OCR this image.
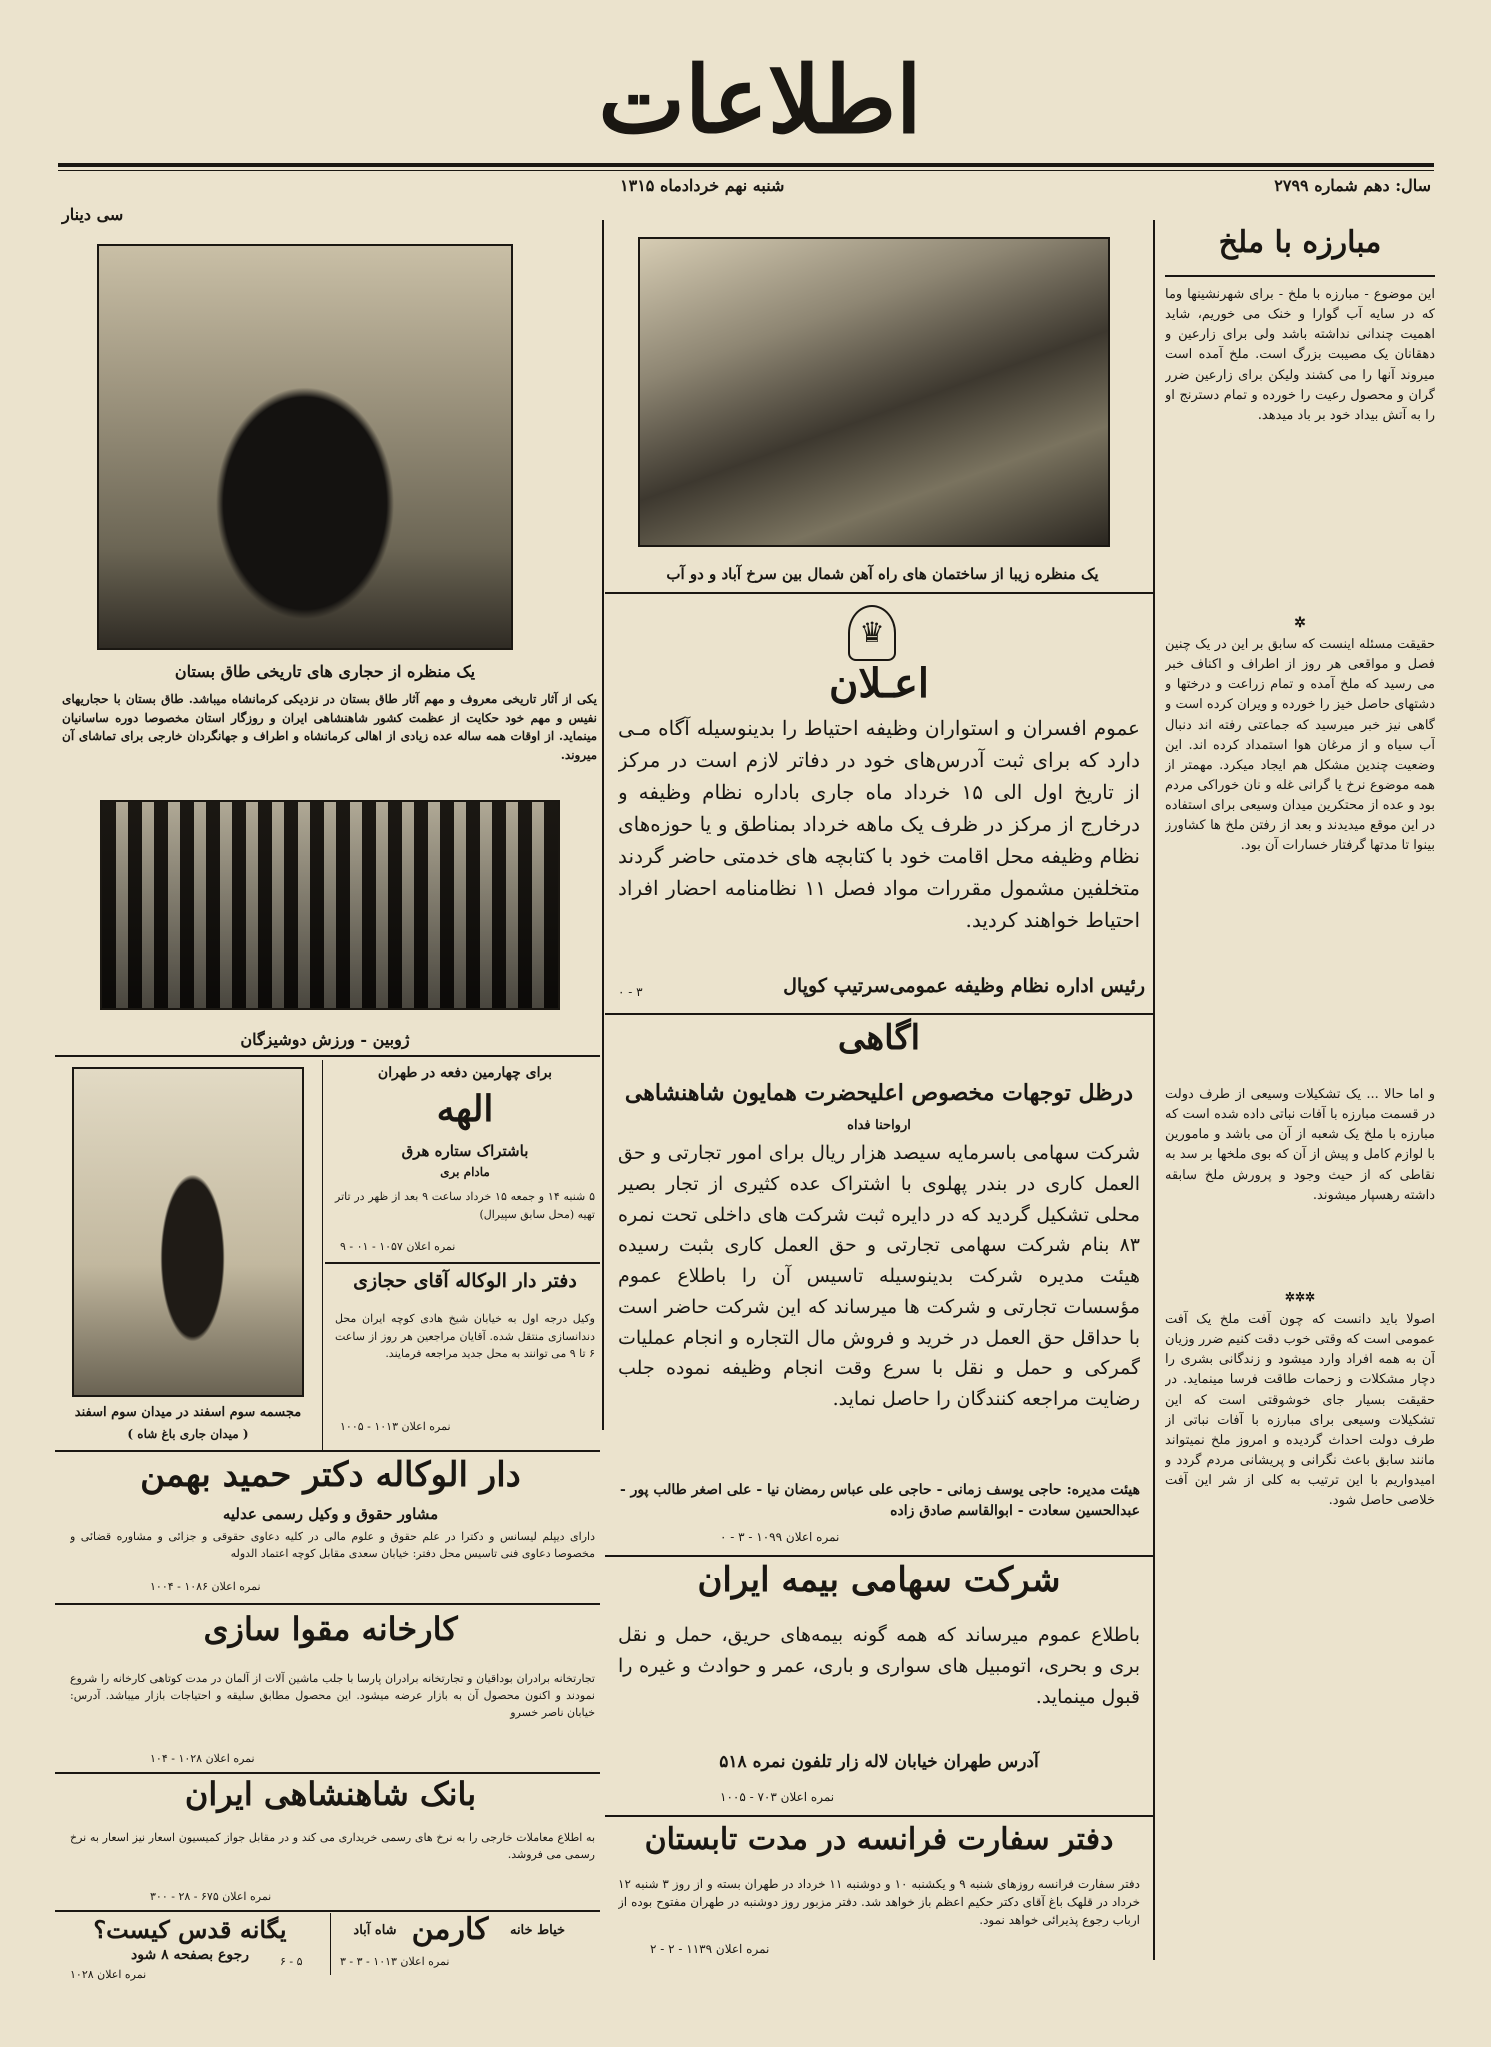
اطلاعات
سال: دهم شماره ۲۷۹۹
شنبه نهم خردادماه ۱۳۱۵
سی دینار
مبارزه با ملخ
این موضوع - مبارزه با ملخ - برای شهرنشینها وما که در سایه آب گوارا و خنک می خوریم، شاید اهمیت چندانی نداشته باشد ولی برای زارعین و دهقانان یک مصیبت بزرگ است. ملخ آمده است میروند آنها را می کشند ولیکن برای زارعین ضرر گران و محصول رعیت را خورده و تمام دسترنج او را به آتش بیداد خود بر باد میدهد.
✲
حقیقت مسئله اینست که سابق بر این در یک چنین فصل و مواقعی هر روز از اطراف و اکناف خبر می رسید که ملخ آمده و تمام زراعت و درختها و دشتهای حاصل خیز را خورده و ویران کرده است و گاهی نیز خبر میرسید که جماعتی رفته اند دنبال آب سیاه و از مرغان هوا استمداد کرده اند. این وضعیت چندین مشکل هم ایجاد میکرد. مهمتر از همه موضوع نرخ یا گرانی غله و نان خوراکی مردم بود و عده از محتکرین میدان وسیعی برای استفاده در این موقع میدیدند و بعد از رفتن ملخ ها کشاورز بینوا تا مدتها گرفتار خسارات آن بود.
و اما حالا ... یک تشکیلات وسیعی از طرف دولت در قسمت مبارزه با آفات نباتی داده شده است که مبارزه با ملخ یک شعبه از آن می باشد و مامورین با لوازم کامل و پیش از آن که بوی ملخها بر سد به نقاطی که از حیث وجود و پرورش ملخ سابقه داشته رهسپار میشوند.
✲✲✲
اصولا باید دانست که چون آفت ملخ یک آفت عمومی است که وقتی خوب دقت کنیم ضرر وزیان آن به همه افراد وارد میشود و زندگانی بشری را دچار مشکلات و زحمات طاقت فرسا مینماید. در حقیقت بسیار جای خوشوقتی است که این تشکیلات وسیعی برای مبارزه با آفات نباتی از طرف دولت احداث گردیده و امروز ملخ نمیتواند مانند سابق باعث نگرانی و پریشانی مردم گردد و امیدواریم با این ترتیب به کلی از شر این آفت خلاصی حاصل شود.
یک منظره زیبا از ساختمان های راه آهن شمال بین سرخ آباد و دو آب
♛
اعـلان
عموم افسران و استواران وظیفه احتیاط را بدینوسیله آگاه مـی دارد که برای ثبت آدرس‌های خود در دفاتر لازم است در مرکز از تاریخ اول الی ۱۵ خرداد ماه جاری باداره نظام وظیفه و درخارج از مرکز در ظرف یک ماهه خرداد بمناطق و یا حوزه‌های نظام وظیفه محل اقامت خود با کتابچه های خدمتی حاضر گردند متخلفین مشمول مقررات مواد فصل ۱۱ نظامنامه احضار افراد احتیاط خواهند کردید.
رئیس اداره نظام وظیفه عمومی‌سرتیپ کوپال
۳ - ۰
اگاهی
درظل توجهات مخصوص اعلیحضرت همایون شاهنشاهی
ارواحنا فداه
شرکت سهامی باسرمایه سیصد هزار ریال برای امور تجارتی و حق العمل کاری در بندر پهلوی با اشتراک عده کثیری از تجار بصیر محلی تشکیل گردید که در دایره ثبت شرکت های داخلی تحت نمره ۸۳ بنام شرکت سهامی تجارتی و حق العمل کاری بثبت رسیده هیئت مدیره شرکت بدینوسیله تاسیس آن را باطلاع عموم مؤسسات تجارتی و شرکت ها میرساند که این شرکت حاضر است با حداقل حق العمل در خرید و فروش مال التجاره و انجام عملیات گمرکی و حمل و نقل با سرع وقت انجام وظیفه نموده جلب رضایت مراجعه کنندگان را حاصل نماید.
هیئت مدیره: حاجی یوسف زمانی - حاجی علی عباس رمضان نیا - علی اصغر طالب پور - عبدالحسین سعادت - ابوالقاسم صادق زاده
نمره اعلان ۱۰۹۹ - ۳ - ۰
شرکت سهامی بیمه ایران
باطلاع عموم میرساند که همه گونه بیمه‌های حریق، حمل و نقل بری و بحری، اتومبیل های سواری و باری، عمر و حوادث و غیره را قبول مینماید.
آدرس طهران خیابان لاله زار تلفون نمره ۵۱۸
نمره اعلان ۷۰۳ - ۱۰۰۵
دفتر سفارت فرانسه در مدت تابستان
دفتر سفارت فرانسه روزهای شنبه ۹ و یکشنبه ۱۰ و دوشنبه ۱۱ خرداد در طهران بسته و از روز ۳ شنبه ۱۲ خرداد در قلهک باغ آقای دکتر حکیم اعظم باز خواهد شد. دفتر مزبور روز دوشنبه در طهران مفتوح بوده از ارباب رجوع پذیرائی خواهد نمود.
نمره اعلان ۱۱۳۹ - ۲ - ۲
یک منظره از حجاری های تاریخی طاق بستان
یکی از آثار تاریخی معروف و مهم آثار طاق بستان در نزدیکی کرمانشاه میباشد. طاق بستان با حجاریهای نفیس و مهم خود حکایت از عظمت کشور شاهنشاهی ایران و روزگار استان مخصوصا دوره ساسانیان مینماید. از اوقات همه ساله عده زیادی از اهالی کرمانشاه و اطراف و جهانگردان خارجی برای تماشای آن میروند.
ژوبین - ورزش دوشیزگان
مجسمه سوم اسفند در میدان سوم اسفند
( میدان جاری باغ شاه )
برای چهارمین دفعه در طهران
الهه
باشتراک ستاره هرق
مادام بری
۵ شنبه ۱۴ و جمعه ۱۵ خرداد ساعت ۹ بعد از ظهر در تاتر تهیه (محل سابق سپیرال)
نمره اعلان ۱۰۵۷ - ۰۱ - ۹
دفتر دار الوکاله آقای حجازی
وکیل درجه اول به خیابان شیخ هادی کوچه ایران محل دندانسازی منتقل شده. آقایان مراجعین هر روز از ساعت ۶ تا ۹ می توانند به محل جدید مراجعه فرمایند.
نمره اعلان ۱۰۱۳ - ۱۰۰۵
دار الوکاله دکتر حمید بهمن
مشاور حقوق و وکیل رسمی عدلیه
دارای دیپلم لیسانس و دکترا در علم حقوق و علوم مالی در کلیه دعاوی حقوقی و جزائی و مشاوره قضائی و مخصوصا دعاوی فنی تاسیس محل دفتر: خیابان سعدی مقابل کوچه اعتماد الدوله
نمره اعلان ۱۰۸۶ - ۱۰۰۴
کارخانه مقوا سازی
تجارتخانه برادران بوداقیان و تجارتخانه برادران پارسا با جلب ماشین آلات از آلمان در مدت کوتاهی کارخانه را شروع نمودند و اکنون محصول آن به بازار عرضه میشود. این محصول مطابق سلیقه و احتیاجات بازار میباشد. آدرس: خیابان ناصر خسرو
نمره اعلان ۱۰۲۸ - ۱۰۴
بانک شاهنشاهی ایران
به اطلاع معاملات خارجی را به نرخ های رسمی خریداری می کند و در مقابل جواز کمیسیون اسعار نیز اسعار به نرخ رسمی می فروشد.
نمره اعلان ۶۷۵ - ۲۸ - ۳۰۰
خیاط خانه
کارمن
شاه آباد
نمره اعلان ۱۰۱۳ - ۳ - ۳
۵ - ۶
یگانه قدس کیست؟
رجوع بصفحه ۸ شود
نمره اعلان ۱۰۲۸
